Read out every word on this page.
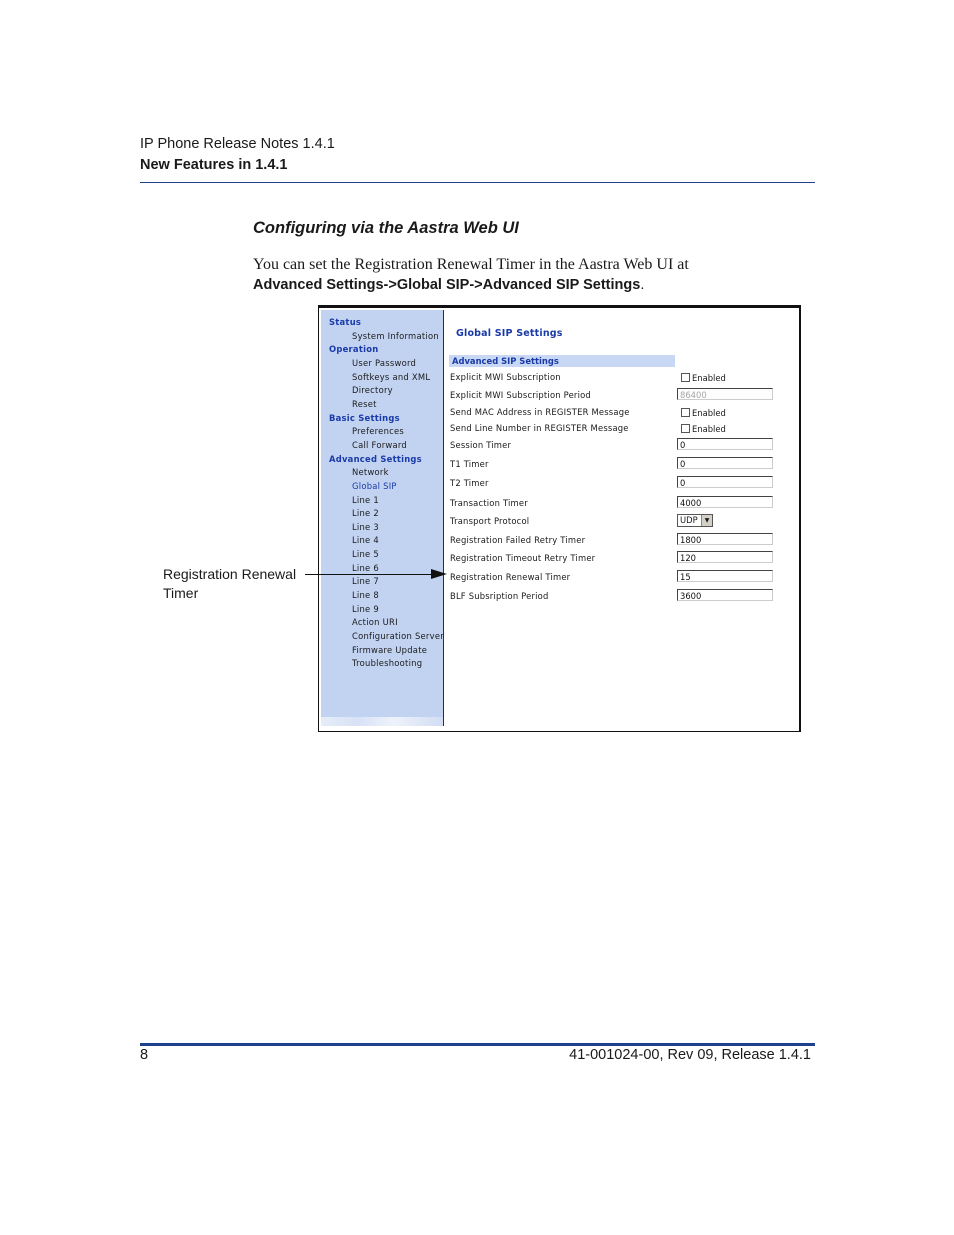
IP Phone Release Notes 1.4.1
New Features in 1.4.1
Configuring via the Aastra Web UI
You can set the Registration Renewal Timer in the Aastra Web UI at
Advanced Settings->Global SIP->Advanced SIP Settings.
Status
System Information
Operation
User Password
Softkeys and XML
Directory
Reset
Basic Settings
Preferences
Call Forward
Advanced Settings
Network
Global SIP
Line 1
Line 2
Line 3
Line 4
Line 5
Line 6
Line 7
Line 8
Line 9
Action URI
Configuration Server
Firmware Update
Troubleshooting
Global SIP Settings
Advanced SIP Settings
Explicit MWI Subscription	Enabled
Explicit MWI Subscription Period	86400
Send MAC Address in REGISTER Message	Enabled
Send Line Number in REGISTER Message	Enabled
Session Timer	0
T1 Timer	0
T2 Timer	0
Transaction Timer	4000
Transport Protocol	UDP	▼
Registration Failed Retry Timer	1800
Registration Timeout Retry Timer	120
Registration Renewal Timer	15
BLF Subsription Period	3600
Registration Renewal
Timer
8	41-001024-00, Rev 09, Release 1.4.1
